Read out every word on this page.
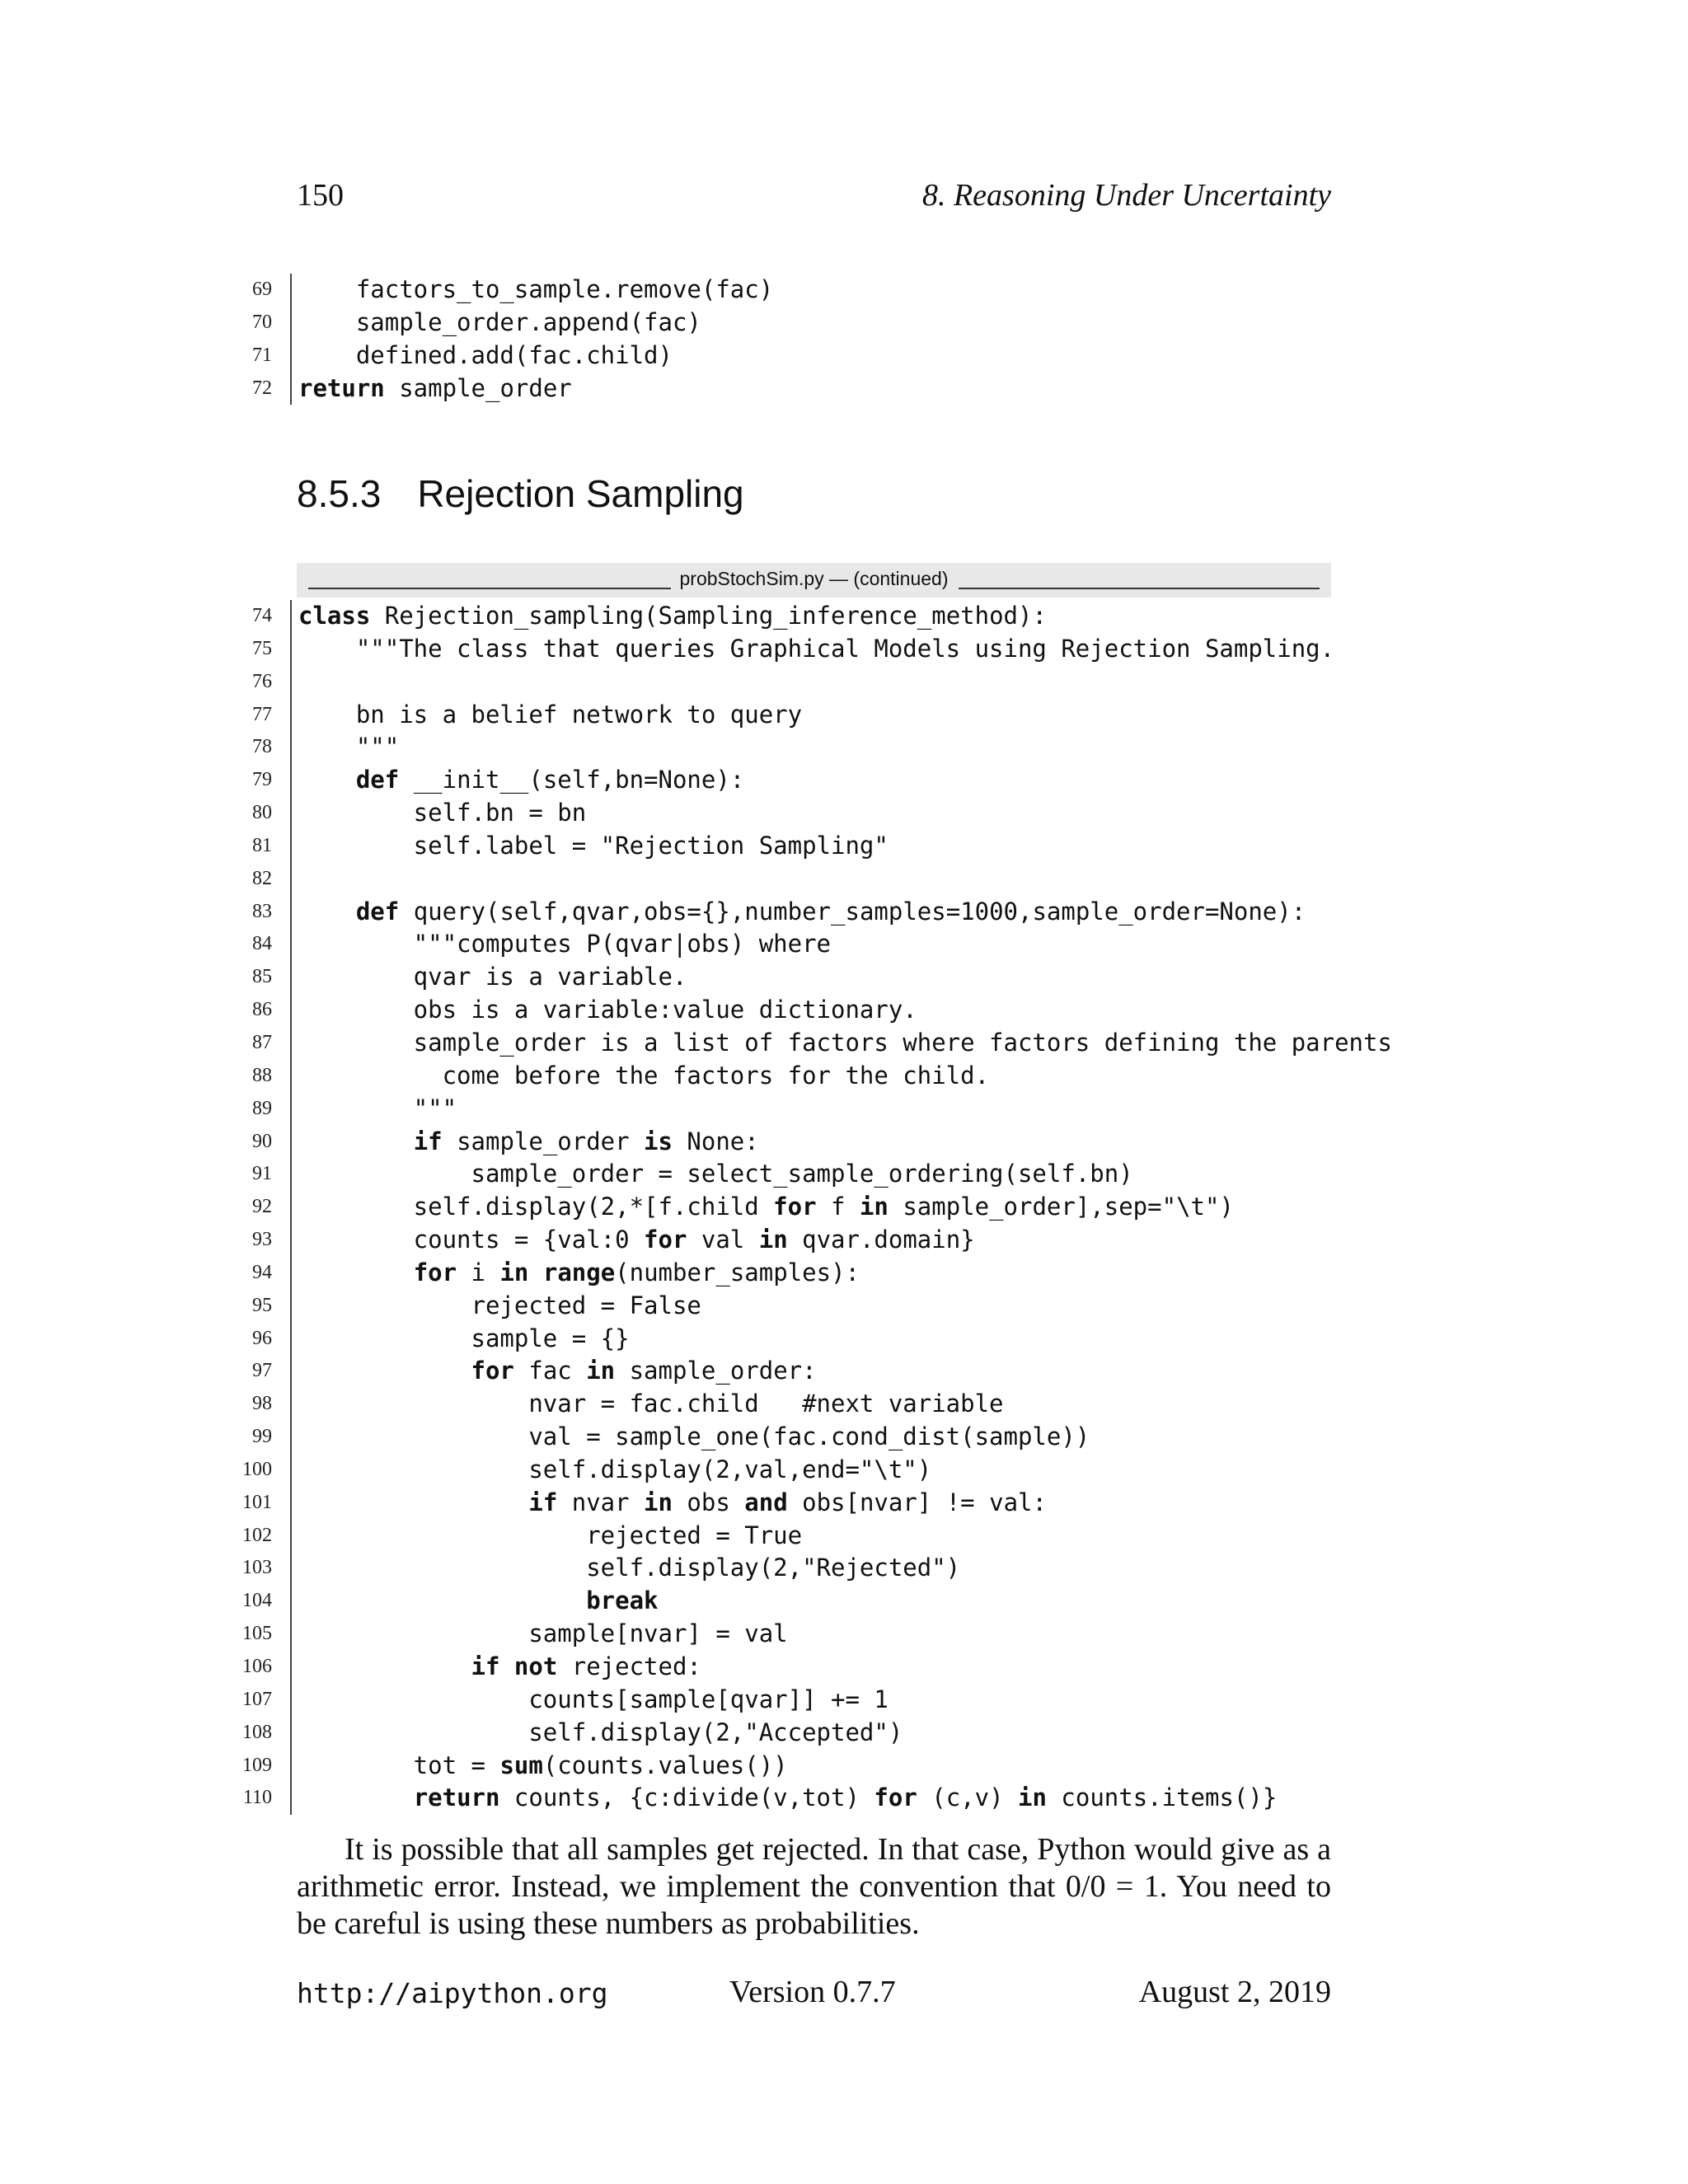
150	8. Reasoning Under Uncertainty
69 factors_to_sample.remove(fac)
70 sample_order.append(fac)
71 defined.add(fac.child)
72 return sample_order
8.5.3 Rejection Sampling
probStochSim.py — (continued)
74 class Rejection_sampling(Sampling_inference_method):
75 """The class that queries Graphical Models using Rejection Sampling.
76
77 bn is a belief network to query
78 """
79	def __init__(self,bn=None):
80 self.bn = bn
81 self.label = "Rejection Sampling"
82
83	def query(self,qvar,obs={},number_samples=1000,sample_order=None):
84 """computes P(qvar|obs) where
85 qvar is a variable.
86 obs is a variable:value dictionary.
87 sample_order is a list of factors where factors defining the parents
88 come before the factors for the child.
89 """
90	if sample_order is None:
91 sample_order = select_sample_ordering(self.bn)
92 self.display(2,*[f.child for f in sample_order],sep="\t")
93 counts = {val:0 for val in qvar.domain}
94	for i in range(number_samples):
95 rejected = False
96 sample = {}
97	for fac in sample_order:
98 nvar = fac.child   #next variable
99 val = sample_one(fac.cond_dist(sample))
100 self.display(2,val,end="\t")
101	if nvar in obs and obs[nvar] != val:
102 rejected = True
103 self.display(2,"Rejected")
104	break
105 sample[nvar] = val
106	if not rejected:
107 counts[sample[qvar]] += 1
108 self.display(2,"Accepted")
109 tot = sum(counts.values())
110	return counts, {c:divide(v,tot) for (c,v) in counts.items()}

It is possible that all samples get rejected. In that case, Python would give as a arithmetic error. Instead, we implement the convention that 0/0 = 1. You need to be careful is using these numbers as probabilities.

http://aipython.org	Version 0.7.7	August 2, 2019
